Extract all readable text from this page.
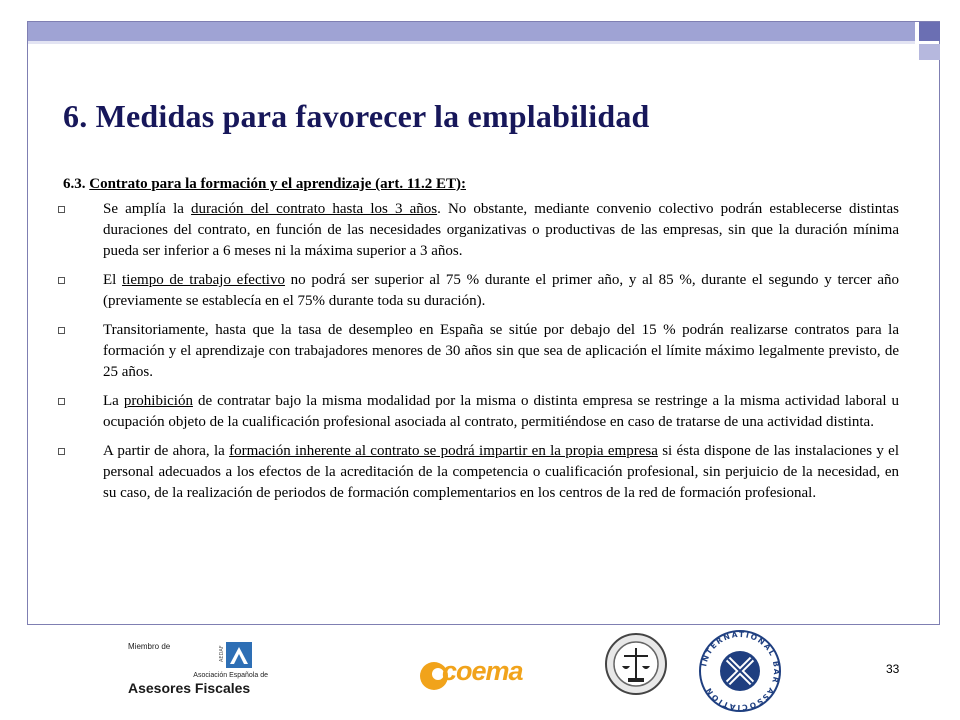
6. Medidas para favorecer la emplabilidad

6.3. Contrato para la formación y el aprendizaje (art. 11.2 ET):

Se amplía la duración del contrato hasta los 3 años. No obstante, mediante convenio colectivo podrán establecerse distintas duraciones del contrato, en función de las necesidades organizativas o productivas de las empresas, sin que la duración mínima pueda ser inferior a 6 meses ni la máxima superior a 3 años.
El tiempo de trabajo efectivo no podrá ser superior al 75 % durante el primer año, y al 85 %, durante el segundo y tercer año (previamente se establecía en el 75% durante toda su duración).
Transitoriamente, hasta que la tasa de desempleo en España se sitúe por debajo del 15 % podrán realizarse contratos para la formación y el aprendizaje con trabajadores menores de 30 años sin que sea de aplicación el límite máximo legalmente previsto, de 25 años.
La prohibición de contratar bajo la misma modalidad por la misma o distinta empresa se restringe a la misma actividad laboral u ocupación objeto de la cualificación profesional asociada al contrato, permitiéndose en caso de tratarse de una actividad distinta.
A partir de ahora, la formación inherente al contrato se podrá impartir en la propia empresa si ésta dispone de las instalaciones y el personal adecuados a los efectos de la acreditación de la competencia o cualificación profesional, sin perjuicio de la necesidad, en su caso, de la realización de periodos de formación complementarios en los centros de la red de formación profesional.
Miembro de	AEDAF
Asociación Española de
Asesores Fiscales
coema	INTERNATIONAL BAR ASSOCIATION
33
